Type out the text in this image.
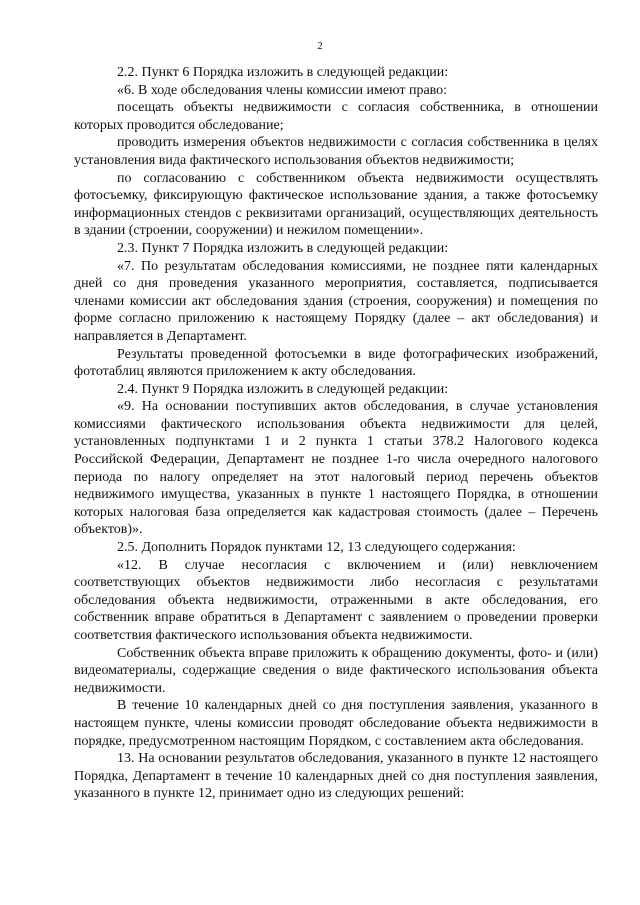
2

2.2. Пункт 6 Порядка изложить в следующей редакции:

«6. В ходе обследования члены комиссии имеют право:

посещать объекты недвижимости с согласия собственника, в отношении которых проводится обследование;

проводить измерения объектов недвижимости с согласия собственника в целях установления вида фактического использования объектов недвижимости;

по согласованию с собственником объекта недвижимости осуществлять фотосъемку, фиксирующую фактическое использование здания, а также фотосъемку информационных стендов с реквизитами организаций, осуществляющих деятельность в здании (строении, сооружении) и нежилом помещении».

2.3. Пункт 7 Порядка изложить в следующей редакции:

«7. По результатам обследования комиссиями, не позднее пяти календарных дней со дня проведения указанного мероприятия, составляется, подписывается членами комиссии акт обследования здания (строения, сооружения) и помещения по форме согласно приложению к настоящему Порядку (далее – акт обследования) и направляется в Департамент.

Результаты проведенной фотосъемки в виде фотографических изображений, фототаблиц являются приложением к акту обследования.

2.4. Пункт 9 Порядка изложить в следующей редакции:

«9. На основании поступивших актов обследования, в случае установления комиссиями фактического использования объекта недвижимости для целей, установленных подпунктами 1 и 2 пункта 1 статьи 378.2 Налогового кодекса Российской Федерации, Департамент не позднее 1-го числа очередного налогового периода по налогу определяет на этот налоговый период перечень объектов недвижимого имущества, указанных в пункте 1 настоящего Порядка, в отношении которых налоговая база определяется как кадастровая стоимость (далее – Перечень объектов)».

2.5. Дополнить Порядок пунктами 12, 13 следующего содержания:

«12. В случае несогласия с включением и (или) невключением соответствующих объектов недвижимости либо несогласия с результатами обследования объекта недвижимости, отраженными в акте обследования, его собственник вправе обратиться в Департамент с заявлением о проведении проверки соответствия фактического использования объекта недвижимости.

Собственник объекта вправе приложить к обращению документы, фото- и (или) видеоматериалы, содержащие сведения о виде фактического использования объекта недвижимости.

В течение 10 календарных дней со дня поступления заявления, указанного в настоящем пункте, члены комиссии проводят обследование объекта недвижимости в порядке, предусмотренном настоящим Порядком, с составлением акта обследования.

13. На основании результатов обследования, указанного в пункте 12 настоящего Порядка, Департамент в течение 10 календарных дней со дня поступления заявления, указанного в пункте 12, принимает одно из следующих решений:
